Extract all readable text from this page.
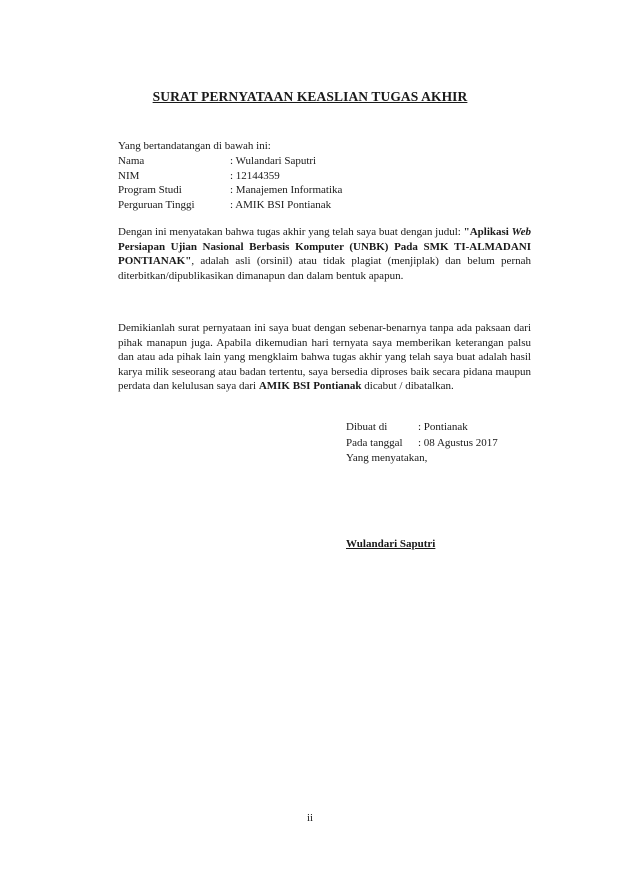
SURAT PERNYATAAN KEASLIAN TUGAS AKHIR
Yang bertandatangan di bawah ini:
Nama	: Wulandari Saputri
NIM	: 12144359
Program Studi	: Manajemen Informatika
Perguruan Tinggi	: AMIK BSI Pontianak

Dengan ini menyatakan bahwa tugas akhir yang telah saya buat dengan judul: "Aplikasi Web Persiapan Ujian Nasional Berbasis Komputer (UNBK) Pada SMK TI-ALMADANI PONTIANAK", adalah asli (orsinil) atau tidak plagiat (menjiplak) dan belum pernah diterbitkan/dipublikasikan dimanapun dan dalam bentuk apapun.

Demikianlah surat pernyataan ini saya buat dengan sebenar-benarnya tanpa ada paksaan dari pihak manapun juga. Apabila dikemudian hari ternyata saya memberikan keterangan palsu dan atau ada pihak lain yang mengklaim bahwa tugas akhir yang telah saya buat adalah hasil karya milik seseorang atau badan tertentu, saya bersedia diproses baik secara pidana maupun perdata dan kelulusan saya dari AMIK BSI Pontianak dicabut / dibatalkan.

Dibuat di	: Pontianak
Pada tanggal : 08 Agustus 2017
Yang menyatakan,
Wulandari Saputri
ii
